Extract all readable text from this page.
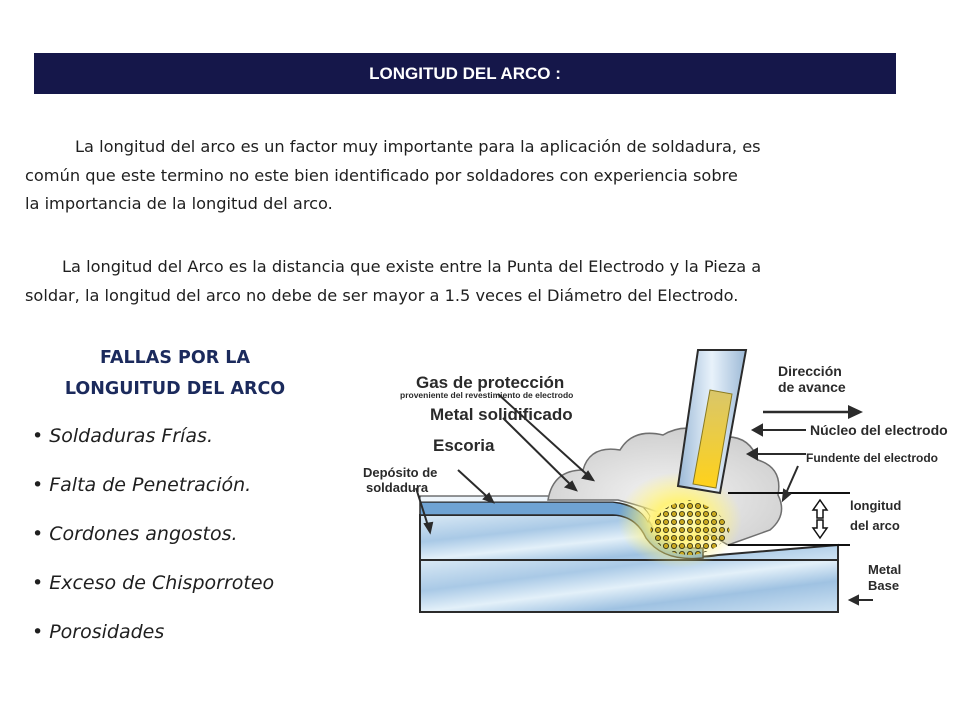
LONGITUD DEL ARCO :
La longitud del arco es un factor muy importante para la aplicación de soldadura, es
común que este termino no este bien identificado por soldadores con experiencia sobre
la importancia de la longitud del arco.
La longitud del Arco es la distancia que existe entre la Punta del Electrodo y la Pieza a
soldar, la longitud del arco no debe de ser mayor a 1.5 veces el Diámetro del Electrodo.
FALLAS POR LA
LONGUITUD DEL ARCO
• Soldaduras Frías.
• Falta de Penetración.
• Cordones angostos.
• Exceso de Chisporroteo
• Porosidades
Gas de protección
proveniente del revestimiento de electrodo
Metal solidificado
Escoria
Depósito de
soldadura
Dirección
de avance
Núcleo del electrodo
Fundente del electrodo
longitud
del arco
Metal
Base
